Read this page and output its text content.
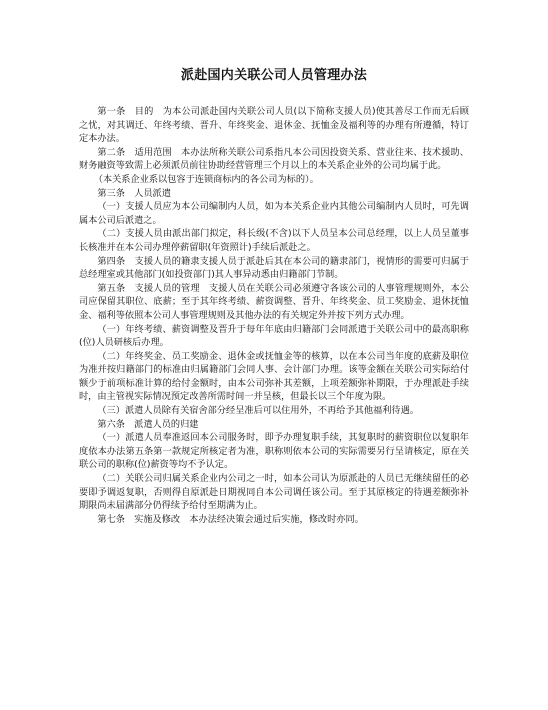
派赴国内关联公司人员管理办法

第一条　目的　为本公司派赴国内关联公司人员(以下简称支援人员)使其善尽工作而无后顾之忧，对其调迁、年终考绩、晋升、年终奖金、退休金、抚恤金及福利等的办理有所遵循，特订定本办法。

第二条　适用范围　本办法所称关联公司系指凡本公司因投资关系、营业往来、技术援助、财务融资等致需上必须派员前往协助经营管理三个月以上的本关系企业外的公司均属于此。

（本关系企业系以包容于连锁商标内的各公司为标的）。

第三条　人员派遣

（一）支援人员应为本公司编制内人员，如为本关系企业内其他公司编制内人员时，可先调属本公司后派遣之。

（二）支援人员由派出部门拟定，科长级(不含)以下人员呈本公司总经理，以上人员呈董事长核准并在本公司办理停薪留职(年资照计)手续后派赴之。

第四条　支援人员的籍隶支援人员于派赴后其在本公司的籍隶部门，视情形的需要可归属于总经理室或其他部门(如投资部门)其人事异动悉由归籍部门节制。

第五条　支援人员的管理　支援人员在关联公司必须遵守各该公司的人事管理规则外，本公司应保留其职位、底薪；至于其年终考绩、薪资调整、晋升、年终奖金、员工奖励金、退休抚恤金、福利等依照本公司人事管理规则及其他办法的有关规定外并按下列方式办理。

（一）年终考绩、薪资调整及晋升于每年年底由归籍部门会同派遣于关联公司中的最高职称(位)人员研核后办理。

（二）年终奖金、员工奖励金、退休金或抚恤金等的核算，以在本公司当年度的底薪及职位为准并按归籍部门的标准由归属籍部门会同人事、会计部门办理。该等金额在关联公司实际给付额少于前项标准计算的给付金额时，由本公司弥补其差额，上项差额弥补期限，于办理派赴手续时，由主管视实际情况预定改善所需时间一并呈核，但最长以三个年度为限。

（三）派遣人员除有关宿舍部分经呈准后可以住用外，不再给予其他福利待遇。

第六条　派遣人员的归建

（一）派遣人员奉准返回本公司服务时，即予办理复职手续，其复职时的薪资职位以复职年度依本办法第五条第一款规定所核定者为准，职称则依本公司的实际需要另行呈请核定，原在关联公司的职称(位)薪资等均不予认定。

（二）关联公司归属关系企业内公司之一时，如本公司认为原派赴的人员已无继续留任的必要即予调返复职，否则得自原派赴日期视同自本公司调任该公司。至于其原核定的待遇差额弥补期限尚未届满部分仍得续予给付至期满为止。

第七条　实施及修改　本办法经决策会通过后实施，修改时亦同。
